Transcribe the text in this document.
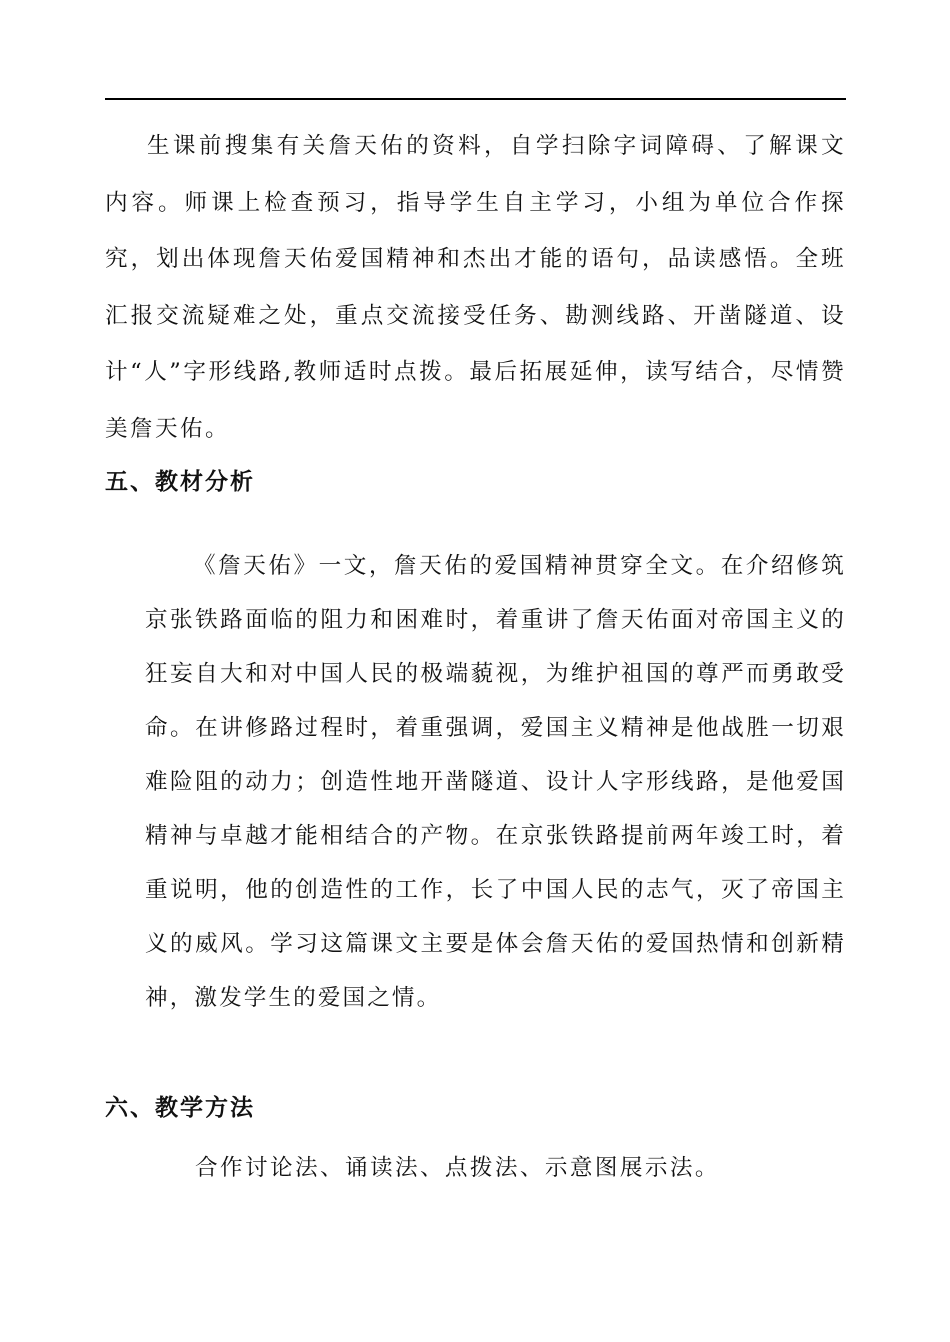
生课前搜集有关詹天佑的资料，自学扫除字词障碍、了解课文内容。师课上检查预习，指导学生自主学习，小组为单位合作探究，划出体现詹天佑爱国精神和杰出才能的语句，品读感悟。全班汇报交流疑难之处，重点交流接受任务、勘测线路、开凿隧道、设计“人”字形线路,教师适时点拨。最后拓展延伸，读写结合，尽情赞美詹天佑。

五、教材分析

《詹天佑》一文，詹天佑的爱国精神贯穿全文。在介绍修筑京张铁路面临的阻力和困难时，着重讲了詹天佑面对帝国主义的狂妄自大和对中国人民的极端藐视，为维护祖国的尊严而勇敢受命。在讲修路过程时，着重强调，爱国主义精神是他战胜一切艰难险阻的动力；创造性地开凿隧道、设计人字形线路，是他爱国精神与卓越才能相结合的产物。在京张铁路提前两年竣工时，着重说明，他的创造性的工作，长了中国人民的志气，灭了帝国主义的威风。学习这篇课文主要是体会詹天佑的爱国热情和创新精神，激发学生的爱国之情。

六、教学方法

合作讨论法、诵读法、点拨法、示意图展示法。
